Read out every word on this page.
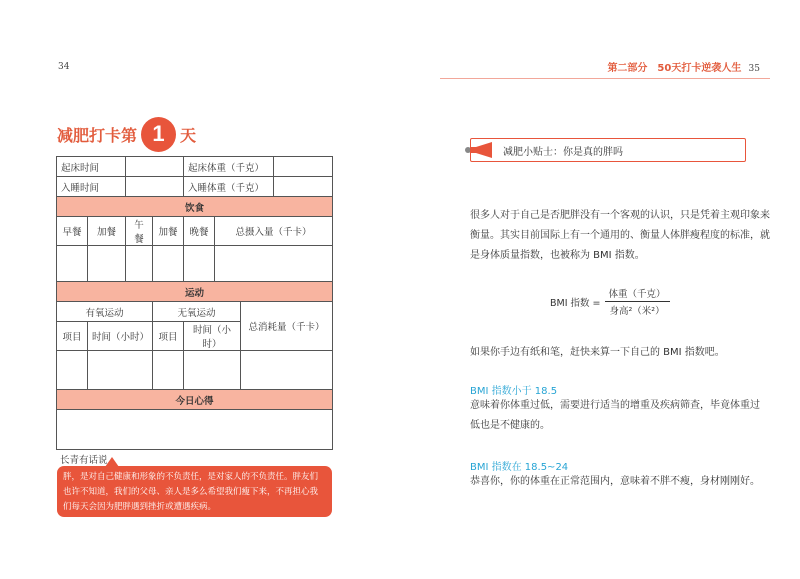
34	第二部分　50天打卡逆袭人生 35
减肥打卡第 1 天
起床时间				起床体重（千克）			
入睡时间				入睡体重（千克）			
饮食							
早餐	加餐	午餐	加餐	晚餐	总摄入量（千卡）		

运动							
有氧运动			无氧运动			总消耗量（千卡）	
项目	时间（小时）		项目	时间（小时）			

今日心得							

长青有话说
胖，是对自己健康和形象的不负责任，是对家人的不负责任。胖友们也许不知道，我们的父母、亲人是多么希望我们瘦下来，不再担心我们每天会因为肥胖遇到挫折或遭遇疾病。
减肥小贴士：你是真的胖吗
很多人对于自己是否肥胖没有一个客观的认识，只是凭着主观印象来衡量。其实目前国际上有一个通用的、衡量人体胖瘦程度的标准，就是身体质量指数，也被称为 BMI 指数。
BMI 指数 = $\frac{\text{体重（千克）}}{\text{身高²（米²）}}$
如果你手边有纸和笔，赶快来算一下自己的 BMI 指数吧。
BMI 指数小于 18.5
意味着你体重过低，需要进行适当的增重及疾病筛查，毕竟体重过低也是不健康的。
BMI 指数在 18.5~24
恭喜你，你的体重在正常范围内，意味着不胖不瘦，身材刚刚好。
